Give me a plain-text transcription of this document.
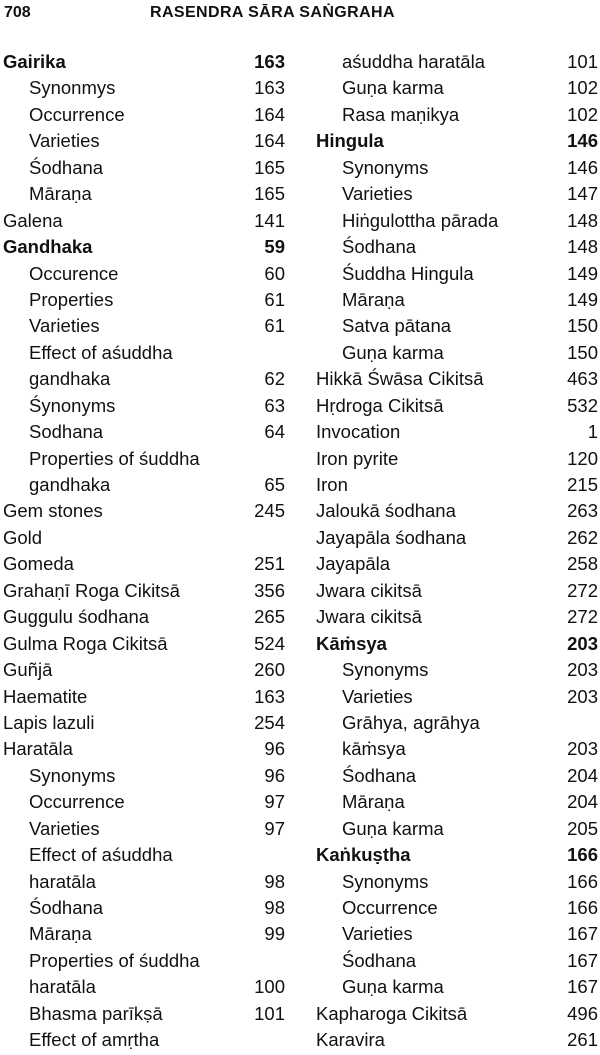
708	RASENDRA SĀRA SAṄGRAHA
Gairika	163
Synonmys	163
Occurrence	164
Varieties	164
Śodhana	165
Māraṇa	165
Galena	141
Gandhaka	59
Occurence	60
Properties	61
Varieties	61
Effect of aśuddha
gandhaka	62
Śynonyms	63
Sodhana	64
Properties of śuddha
gandhaka	65
Gem stones	245
Gold
Gomeda	251
Grahaṇī Roga Cikitsā	356
Guggulu śodhana	265
Gulma Roga Cikitsā	524
Guñjā	260
Haematite	163
Lapis lazuli	254
Haratāla	96
Synonyms	96
Occurrence	97
Varieties	97
Effect of aśuddha
haratāla	98
Śodhana	98
Māraṇa	99
Properties of śuddha
haratāla	100
Bhasma parīkṣā	101
Effect of amṛtha
aśuddha haratāla	101
Guṇa karma	102
Rasa maṇikya	102
Hingula	146
Synonyms	146
Varieties	147
Hiṅgulottha pārada	148
Śodhana	148
Śuddha Hingula	149
Māraṇa	149
Satva pātana	150
Guṇa karma	150
Hikkā Śwāsa Cikitsā	463
Hṛdroga Cikitsā	532
Invocation	1
Iron pyrite	120
Iron	215
Jaloukā śodhana	263
Jayapāla śodhana	262
Jayapāla	258
Jwara cikitsā	272
Jwara cikitsā	272
Kāṁsya	203
Synonyms	203
Varieties	203
Grāhya, agrāhya
kāṁsya	203
Śodhana	204
Māraṇa	204
Guṇa karma	205
Kaṅkuṣtha	166
Synonyms	166
Occurrence	166
Varieties	167
Śodhana	167
Guṇa karma	167
Kapharoga Cikitsā	496
Karavira	261
